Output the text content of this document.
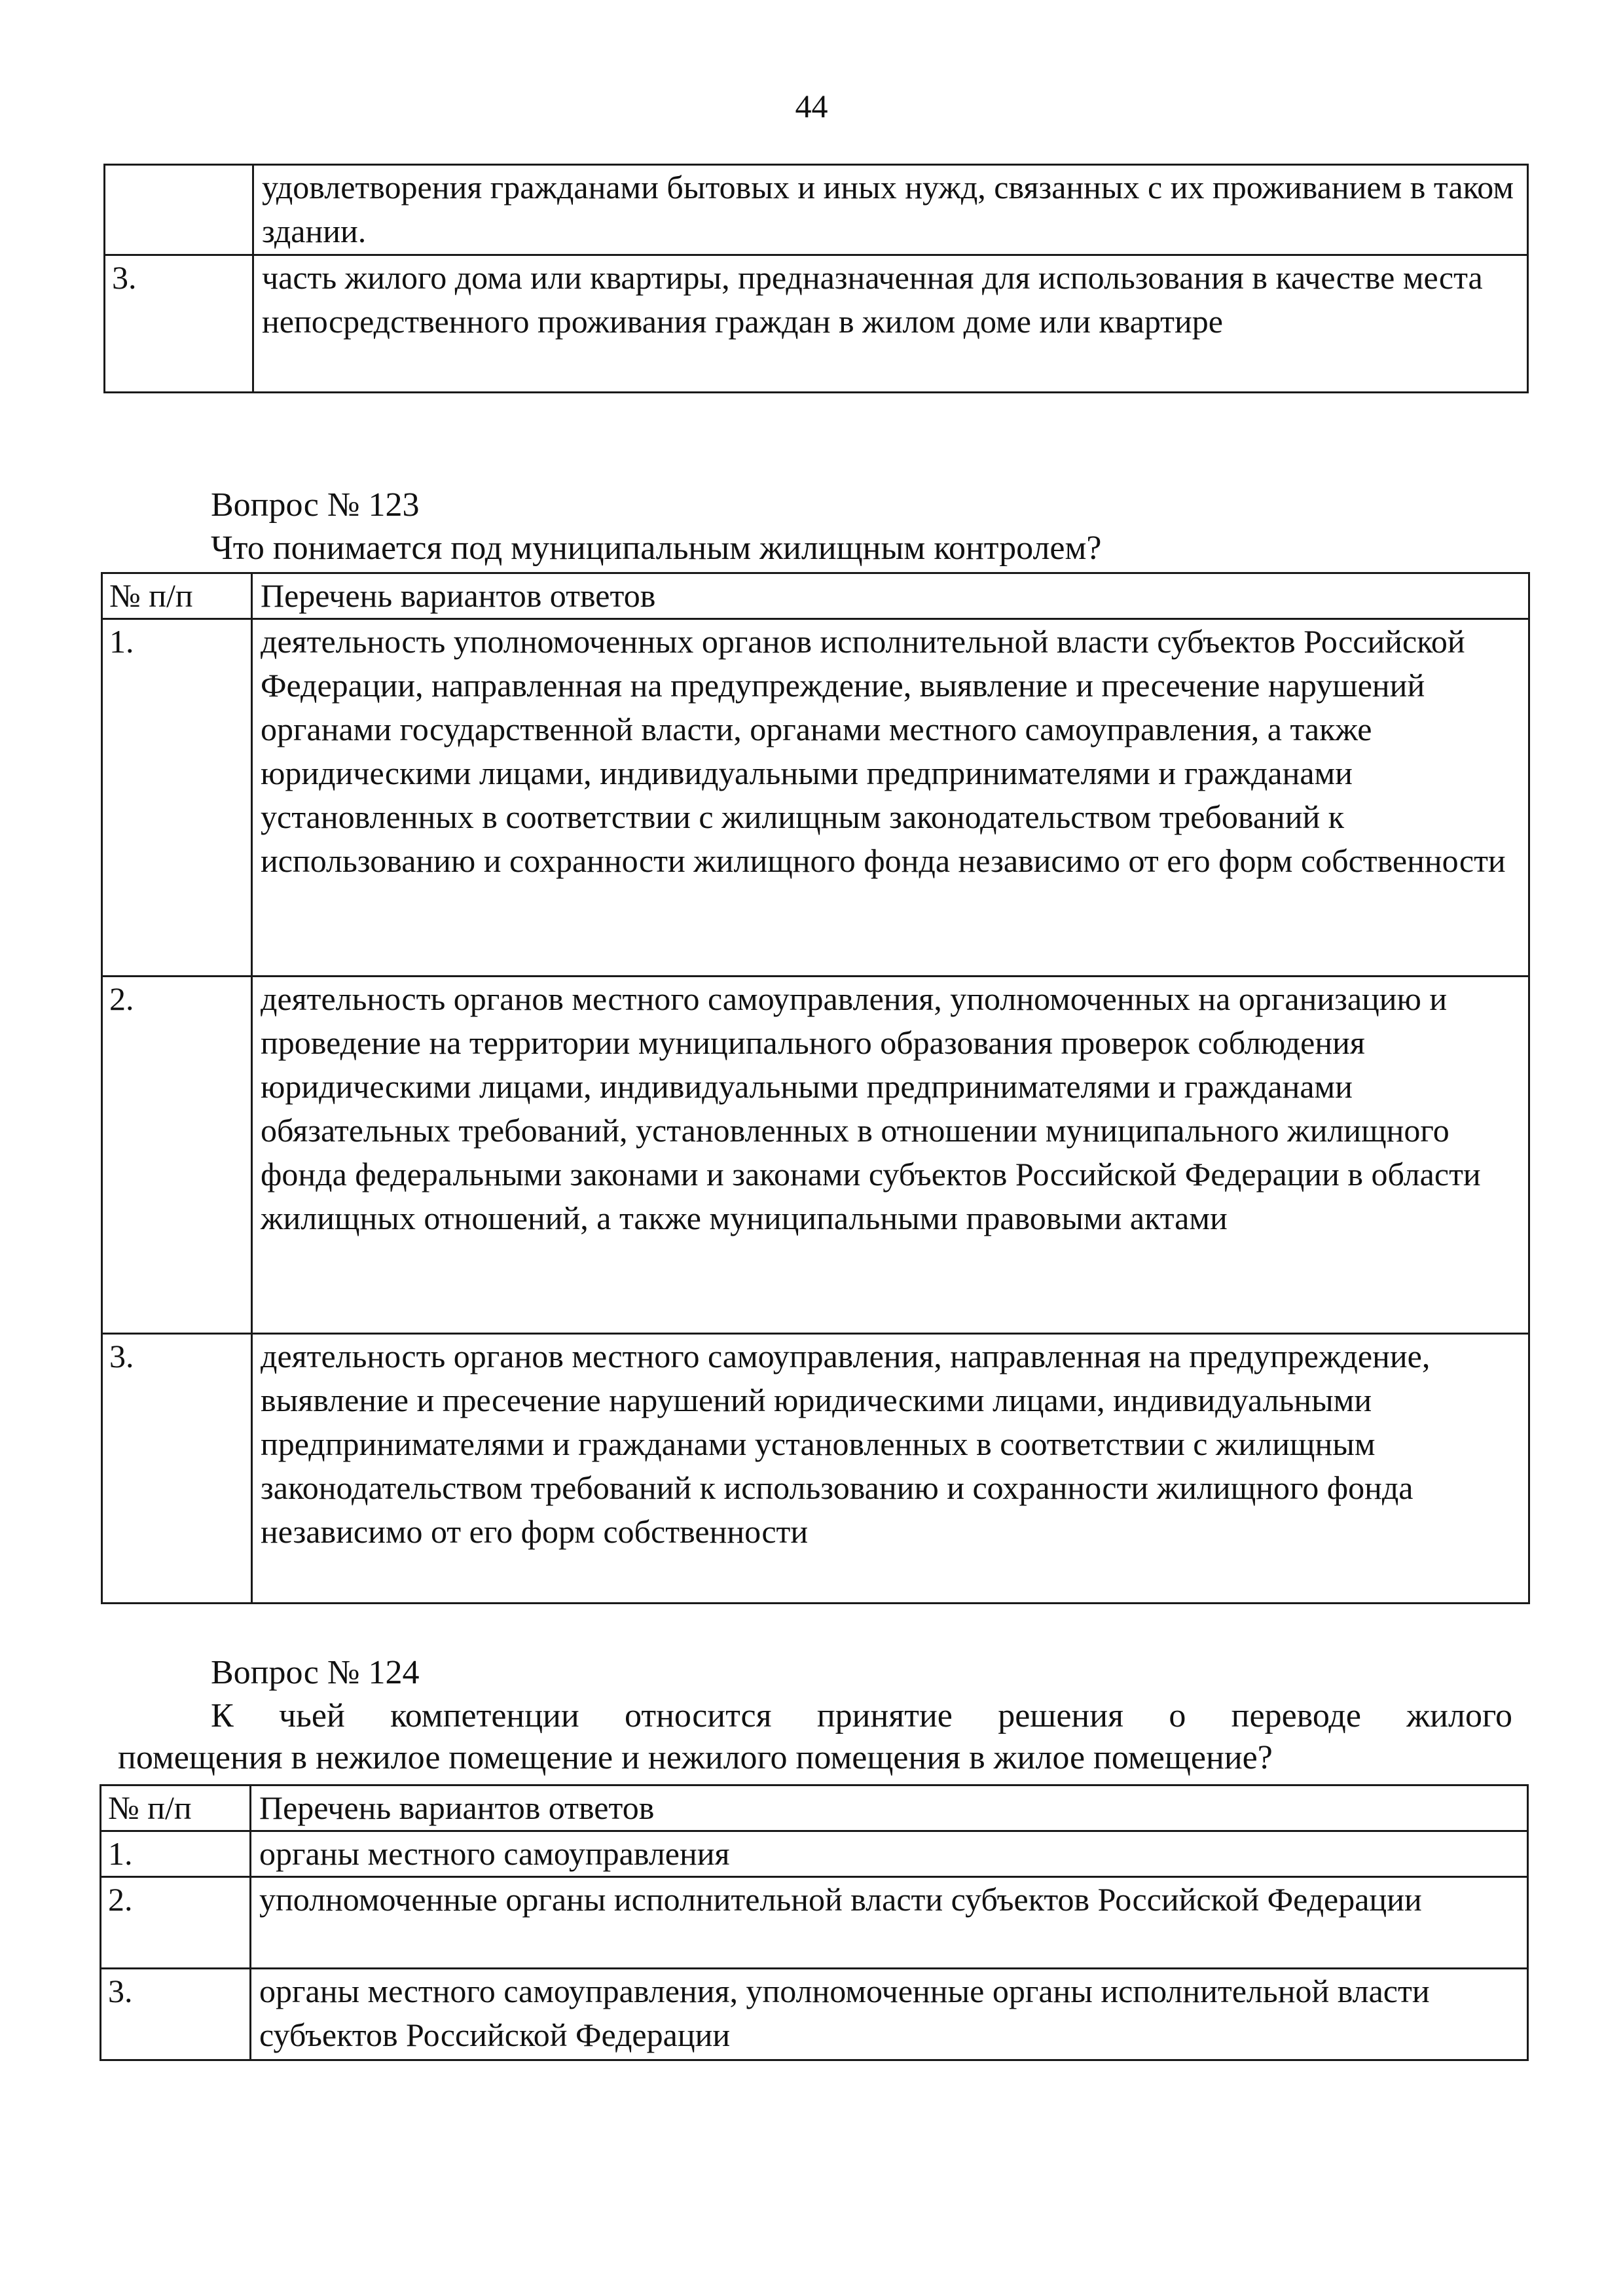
44
	удовлетворения гражданами бытовых и иных нужд, связанных с их проживанием в таком здании.
3.	часть жилого дома или квартиры, предназначенная для использования в качестве места непосредственного проживания граждан в жилом доме или квартире
Вопрос № 123
Что понимается под муниципальным жилищным контролем?
№ п/п	Перечень вариантов ответов
1.	деятельность уполномоченных органов исполнительной власти субъектов Российской Федерации, направленная на предупреждение, выявление и пресечение нарушений органами государственной власти, органами местного самоуправления, а также юридическими лицами, индивидуальными предпринимателями и гражданами установленных в соответствии с жилищным законодательством требований к использованию и сохранности жилищного фонда независимо от его форм собственности
2.	деятельность органов местного самоуправления, уполномоченных на организацию и проведение на территории муниципального образования проверок соблюдения юридическими лицами, индивидуальными предпринимателями и гражданами обязательных требований, установленных в отношении муниципального жилищного фонда федеральными законами и законами субъектов Российской Федерации в области жилищных отношений, а также муниципальными правовыми актами
3.	деятельность органов местного самоуправления, направленная на предупреждение, выявление и пресечение нарушений юридическими лицами, индивидуальными предпринимателями и гражданами установленных в соответствии с жилищным законодательством требований к использованию и сохранности жилищного фонда независимо от его форм собственности
Вопрос № 124
К чьей компетенции относится принятие решения о переводе жилого
помещения в нежилое помещение и нежилого помещения в жилое помещение?
№ п/п	Перечень вариантов ответов
1.	органы местного самоуправления
2.	уполномоченные органы исполнительной власти субъектов Российской Федерации
3.	органы местного самоуправления, уполномоченные органы исполнительной власти субъектов Российской Федерации
